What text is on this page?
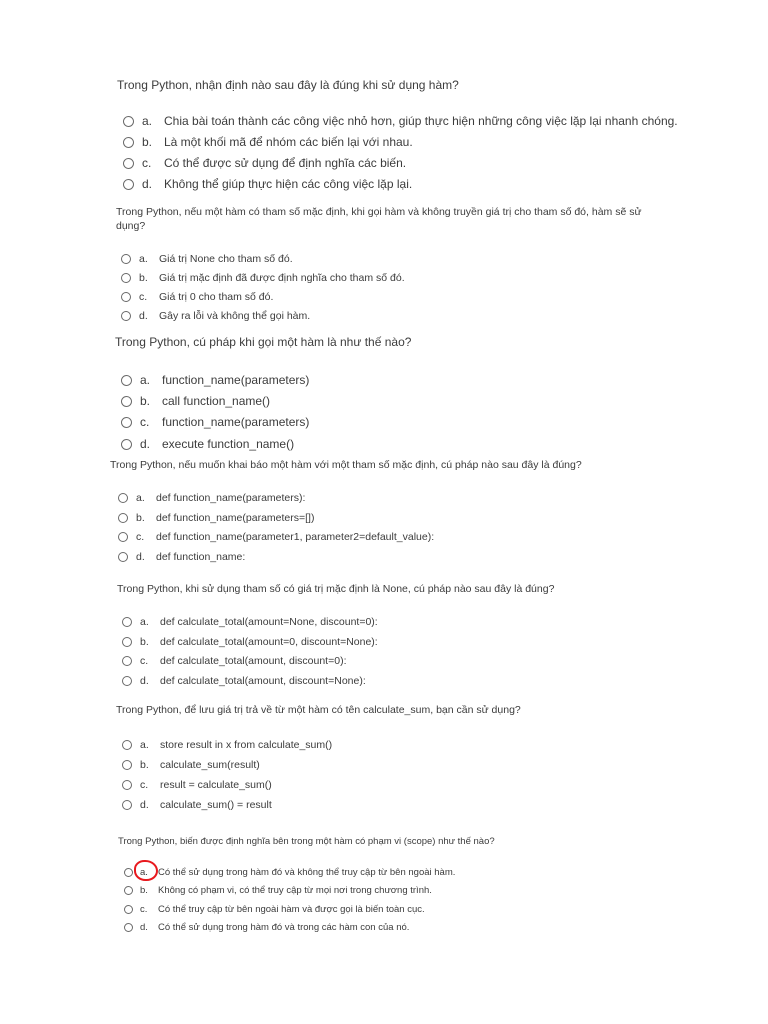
Trong Python, nhận định nào sau đây là đúng khi sử dụng hàm?
a. Chia bài toán thành các công việc nhỏ hơn, giúp thực hiện những công việc lặp lại nhanh chóng.
b. Là một khối mã để nhóm các biến lại với nhau.
c.	Có thể được sử dụng để định nghĩa các biến.
d. Không thể giúp thực hiện các công việc lặp lại.
Trong Python, nếu một hàm có tham số mặc định, khi gọi hàm và không truyền giá trị cho tham số đó, hàm sẽ sử
dụng?
a.	Giá trị None cho tham số đó.
b.	Giá trị mặc định đã được định nghĩa cho tham số đó.
c.	Giá trị 0 cho tham số đó.
d.	Gây ra lỗi và không thể gọi hàm.
Trong Python, cú pháp khi gọi một hàm là như thế nào?
a. function_name(parameters)
b. call function_name()
c.	function_name(parameters)
d. execute function_name()
Trong Python, nếu muốn khai báo một hàm với một tham số mặc định, cú pháp nào sau đây là đúng?
a.	def function_name(parameters):
b.	def function_name(parameters=[])
c.	def function_name(parameter1, parameter2=default_value):
d.	def function_name:
Trong Python, khi sử dụng tham số có giá trị mặc định là None, cú pháp nào sau đây là đúng?
a.	def calculate_total(amount=None, discount=0):
b.	def calculate_total(amount=0, discount=None):
c.	def calculate_total(amount, discount=0):
d.	def calculate_total(amount, discount=None):
Trong Python, để lưu giá trị trả về từ một hàm có tên calculate_sum, bạn cần sử dụng?
a.	store result in x from calculate_sum()
b.	calculate_sum(result)
c.	result = calculate_sum()
d.	calculate_sum() = result
Trong Python, biến được định nghĩa bên trong một hàm có phạm vi (scope) như thế nào?
a.	Có thể sử dụng trong hàm đó và không thể truy cập từ bên ngoài hàm.
b.	Không có phạm vi, có thể truy cập từ mọi nơi trong chương trình.
c.	Có thể truy cập từ bên ngoài hàm và được gọi là biến toàn cục.
d.	Có thể sử dụng trong hàm đó và trong các hàm con của nó.
